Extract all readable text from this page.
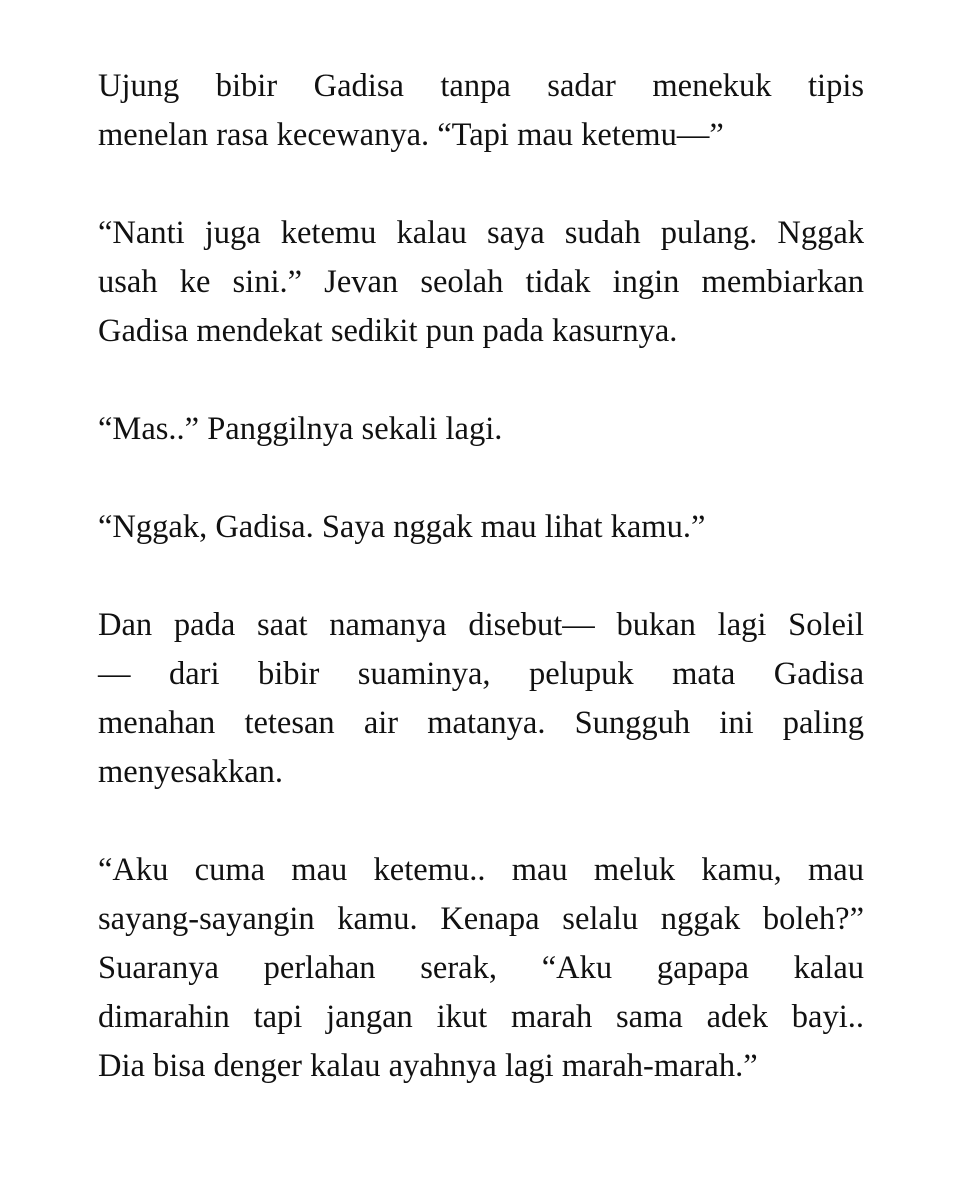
Ujung bibir Gadisa tanpa sadar menekuk tipis
menelan rasa kecewanya. “Tapi mau ketemu—”

“Nanti juga ketemu kalau saya sudah pulang. Nggak
usah ke sini.” Jevan seolah tidak ingin membiarkan
Gadisa mendekat sedikit pun pada kasurnya.

“Mas..” Panggilnya sekali lagi.

“Nggak, Gadisa. Saya nggak mau lihat kamu.”

Dan pada saat namanya disebut— bukan lagi Soleil
— dari bibir suaminya, pelupuk mata Gadisa
menahan tetesan air matanya. Sungguh ini paling
menyesakkan.

“Aku cuma mau ketemu.. mau meluk kamu, mau
sayang-sayangin kamu. Kenapa selalu nggak boleh?”
Suaranya perlahan serak, “Aku gapapa kalau
dimarahin tapi jangan ikut marah sama adek bayi..
Dia bisa denger kalau ayahnya lagi marah-marah.”
